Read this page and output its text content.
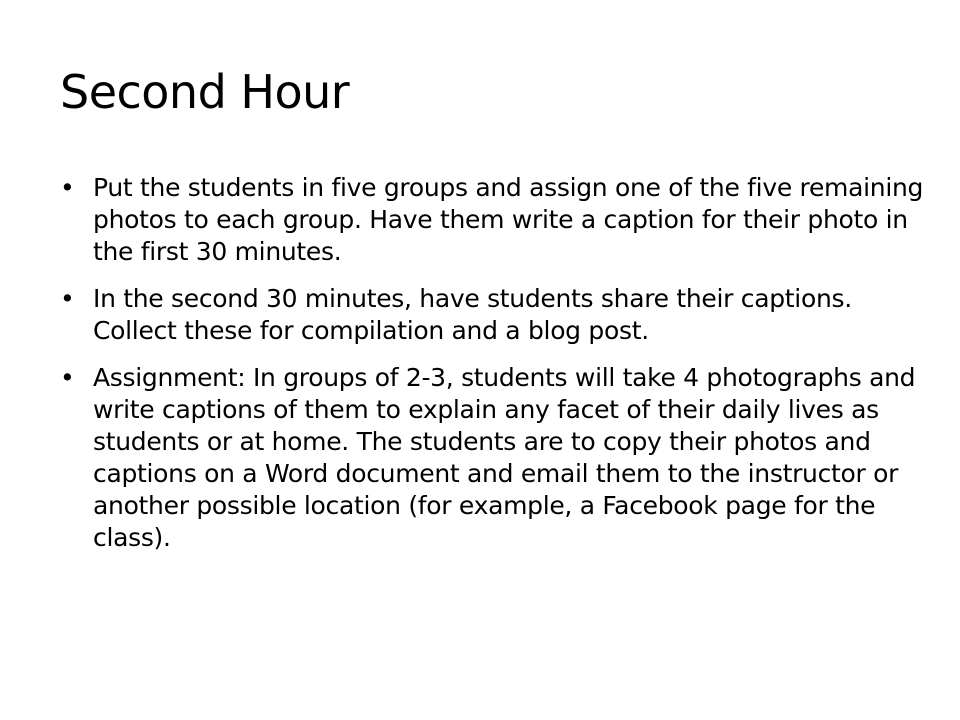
Second Hour
• Put the students in five groups and assign one of the five remaining photos to each group. Have them write a caption for their photo in the first 30 minutes.
• In the second 30 minutes, have students share their captions. Collect these for compilation and a blog post.
• Assignment: In groups of 2-3, students will take 4 photographs and write captions of them to explain any facet of their daily lives as students or at home. The students are to copy their photos and captions on a Word document and email them to the instructor or another possible location (for example, a Facebook page for the class).
